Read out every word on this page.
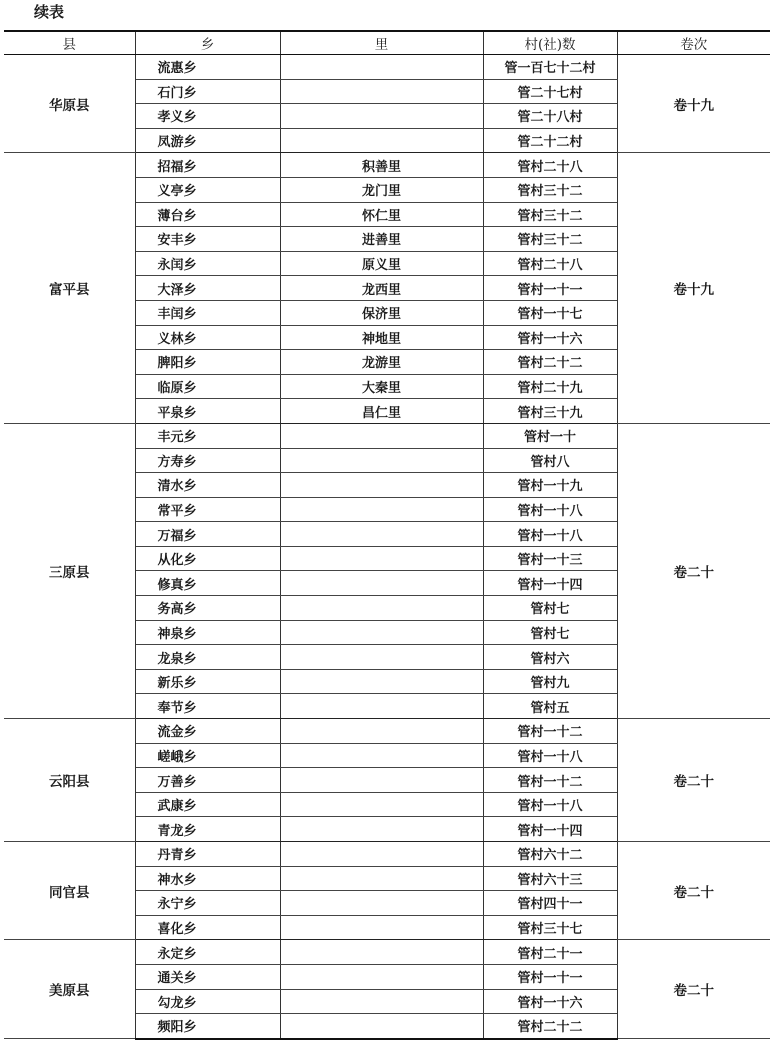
续表
县	乡	里	村(社)数	卷次
华原县	流惠乡		管一百七十二村	卷十九
	石门乡		管二十七村	
	孝义乡		管二十八村	
	凤游乡		管二十二村	
富平县	招福乡	积善里	管村二十八	卷十九
	义亭乡	龙门里	管村三十二	
	薄台乡	怀仁里	管村三十二	
	安丰乡	进善里	管村三十二	
	永闰乡	原义里	管村二十八	
	大泽乡	龙西里	管村一十一	
	丰闰乡	保济里	管村一十七	
	义林乡	神地里	管村一十六	
	脾阳乡	龙游里	管村二十二	
	临原乡	大秦里	管村二十九	
	平泉乡	昌仁里	管村三十九	
三原县	丰元乡		管村一十	卷二十
	方寿乡		管村八	
	清水乡		管村一十九	
	常平乡		管村一十八	
	万福乡		管村一十八	
	从化乡		管村一十三	
	修真乡		管村一十四	
	务高乡		管村七	
	神泉乡		管村七	
	龙泉乡		管村六	
	新乐乡		管村九	
	奉节乡		管村五	
云阳县	流金乡		管村一十二	卷二十
	嵯峨乡		管村一十八	
	万善乡		管村一十二	
	武康乡		管村一十八	
	青龙乡		管村一十四	
同官县	丹青乡		管村六十二	卷二十
	神水乡		管村六十三	
	永宁乡		管村四十一	
	喜化乡		管村三十七	
美原县	永定乡		管村二十一	卷二十
	通关乡		管村一十一	
	勾龙乡		管村一十六	
	频阳乡		管村二十二	
